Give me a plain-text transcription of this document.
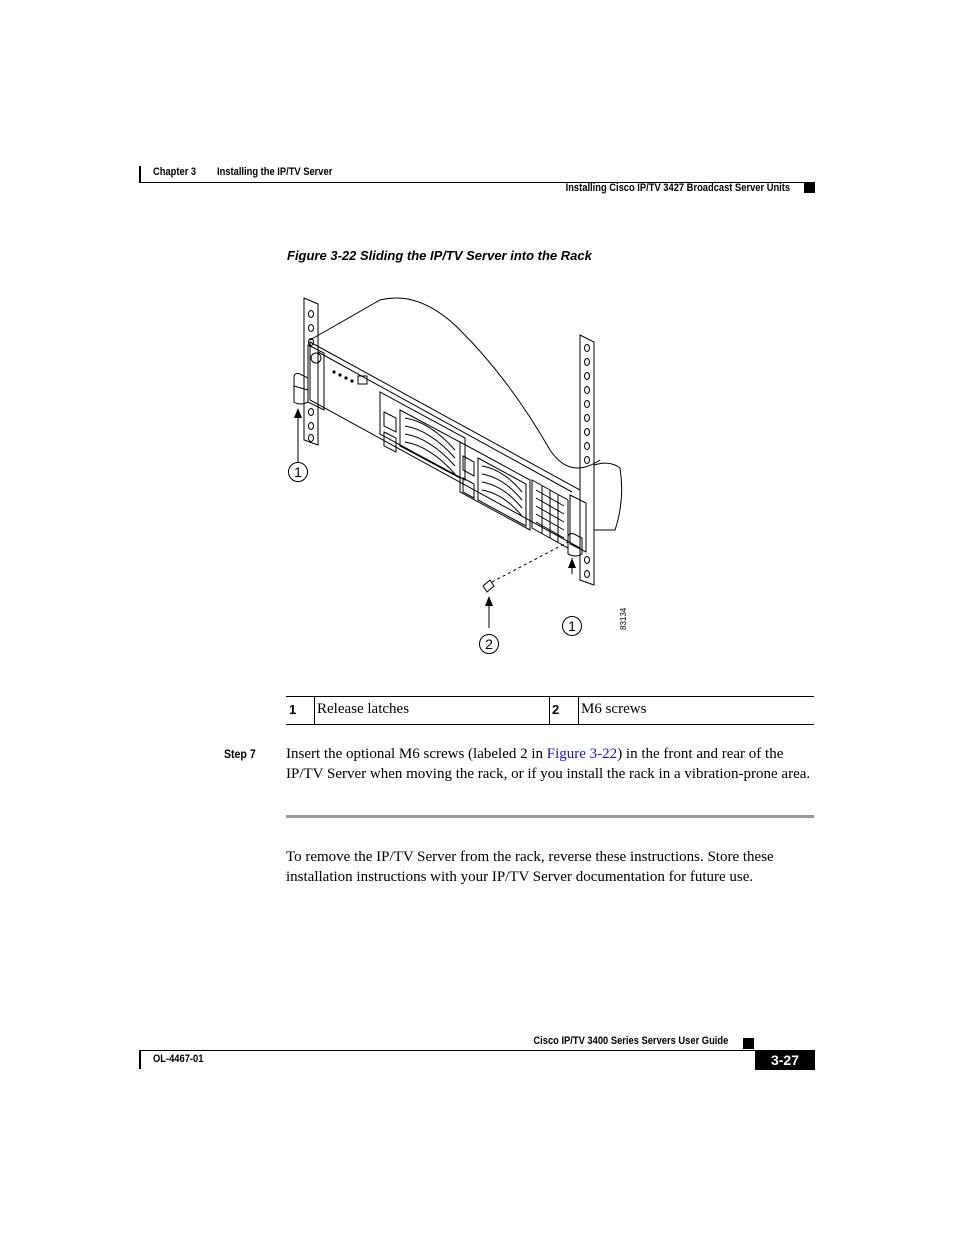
Chapter 3 Installing the IP/TV Server
Installing Cisco IP/TV 3427 Broadcast Server Units
Figure 3-22 Sliding the IP/TV Server into the Rack
1
1
2
83134
1 Release latches	2 M6 screws
Step 7 Insert the optional M6 screws (labeled 2 in Figure 3-22) in the front and rear of the IP/TV Server when moving the rack, or if you install the rack in a vibration-prone area.
To remove the IP/TV Server from the rack, reverse these instructions. Store these installation instructions with your IP/TV Server documentation for future use.
Cisco IP/TV 3400 Series Servers User Guide
OL-4467-01	3-27
